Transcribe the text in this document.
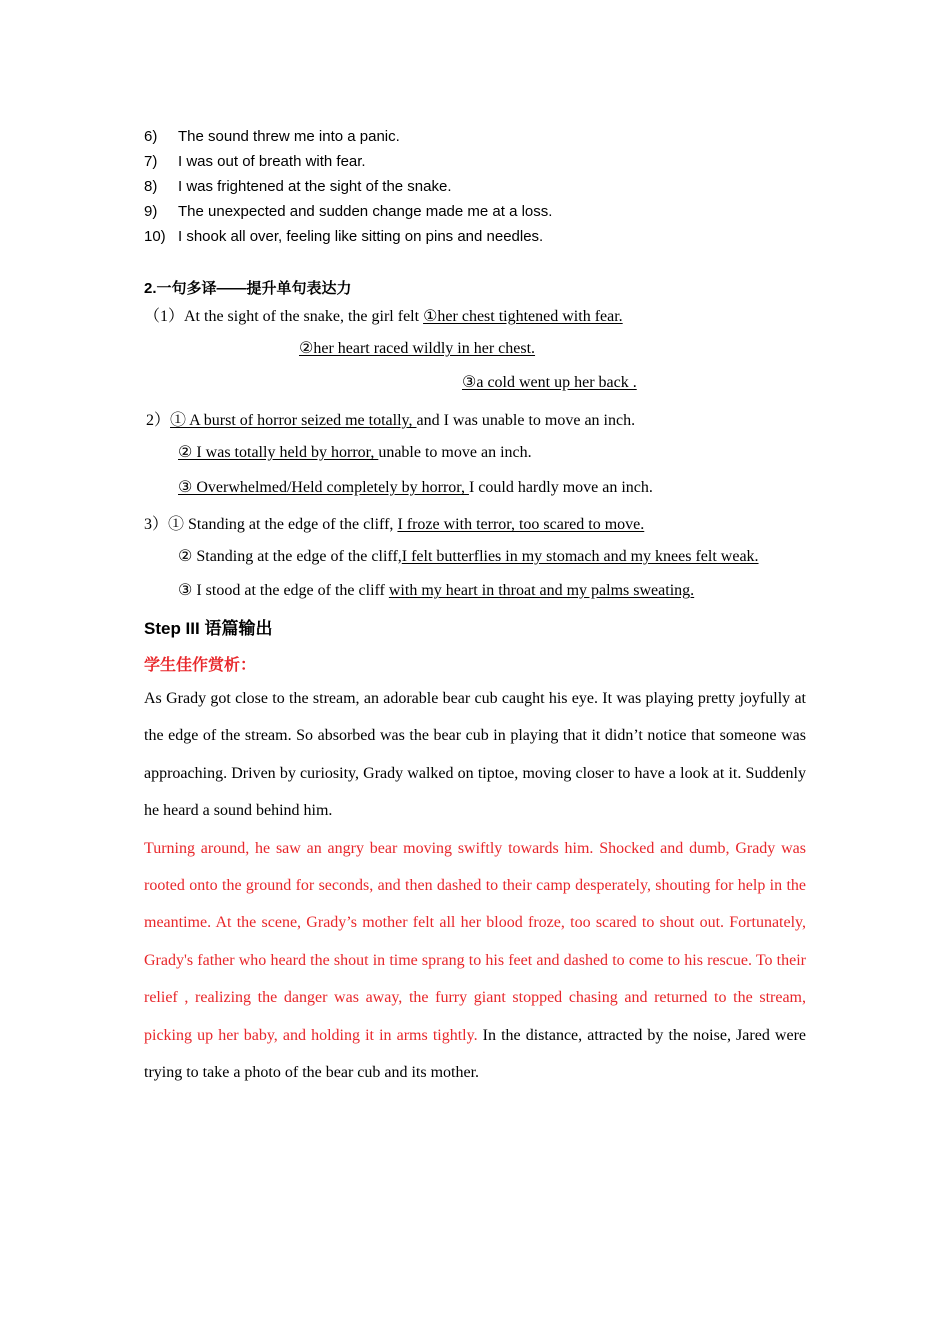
6) The sound threw me into a panic.
7) I was out of breath with fear.
8) I was frightened at the sight of the snake.
9) The unexpected and sudden change made me at a loss.
10) I shook all over, feeling like sitting on pins and needles.
2.一句多译——提升单句表达力
（1）At the sight of the snake, the girl felt ①her chest tightened with fear.
②her heart raced wildly in her chest.
③a cold went up her back .
2）① A burst of horror seized me totally, and I was unable to move an inch.
② I was totally held by horror, unable to move an inch.
③ Overwhelmed/Held completely by horror, I could hardly move an inch.
3）① Standing at the edge of the cliff, I froze with terror, too scared to move.
② Standing at the edge of the cliff,I felt butterflies in my stomach and my knees felt weak.
③ I stood at the edge of the cliff with my heart in throat and my palms sweating.
Step III 语篇输出
学生佳作赏析：

As Grady got close to the stream, an adorable bear cub caught his eye. It was playing pretty joyfully at the edge of the stream. So absorbed was the bear cub in playing that it didn’t notice that someone was approaching. Driven by curiosity, Grady walked on tiptoe, moving closer to have a look at it. Suddenly he heard a sound behind him.

Turning around, he saw an angry bear moving swiftly towards him. Shocked and dumb, Grady was rooted onto the ground for seconds, and then dashed to their camp desperately, shouting for help in the meantime. At the scene, Grady’s mother felt all her blood froze, too scared to shout out. Fortunately, Grady's father who heard the shout in time sprang to his feet and dashed to come to his rescue. To their relief , realizing the danger was away, the furry giant stopped chasing and returned to the stream, picking up her baby, and holding it in arms tightly. In the distance, attracted by the noise, Jared were trying to take a photo of the bear cub and its mother.
